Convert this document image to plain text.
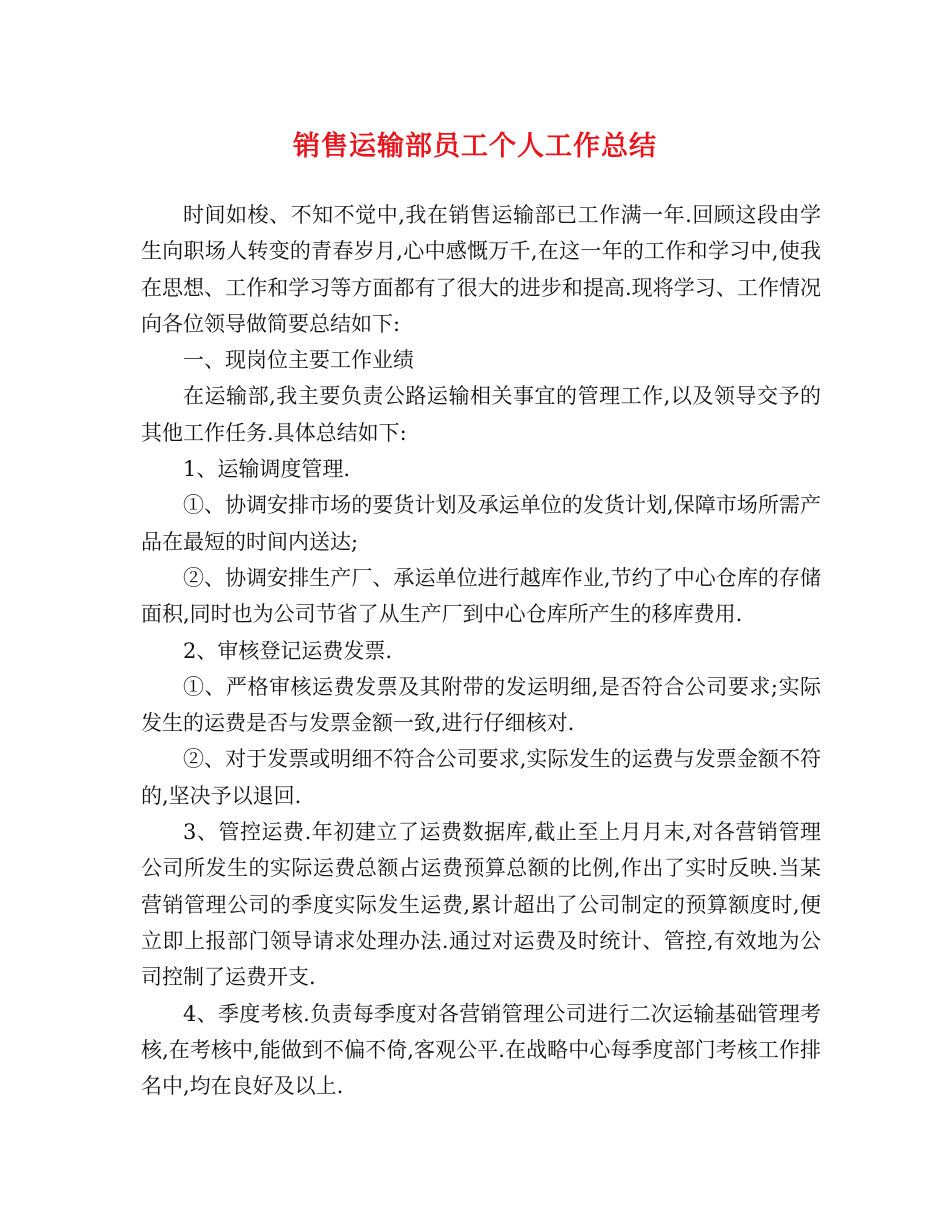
销售运输部员工个人工作总结

时间如梭、不知不觉中,我在销售运输部已工作满一年.回顾这段由学生向职场人转变的青春岁月,心中感慨万千,在这一年的工作和学习中,使我在思想、工作和学习等方面都有了很大的进步和提高.现将学习、工作情况向各位领导做简要总结如下:

一、现岗位主要工作业绩

在运输部,我主要负责公路运输相关事宜的管理工作,以及领导交予的其他工作任务.具体总结如下:

1、运输调度管理.

①、协调安排市场的要货计划及承运单位的发货计划,保障市场所需产品在最短的时间内送达;

②、协调安排生产厂、承运单位进行越库作业,节约了中心仓库的存储面积,同时也为公司节省了从生产厂到中心仓库所产生的移库费用.

2、审核登记运费发票.

①、严格审核运费发票及其附带的发运明细,是否符合公司要求;实际发生的运费是否与发票金额一致,进行仔细核对.

②、对于发票或明细不符合公司要求,实际发生的运费与发票金额不符的,坚决予以退回.

3、管控运费.年初建立了运费数据库,截止至上月月末,对各营销管理公司所发生的实际运费总额占运费预算总额的比例,作出了实时反映.当某营销管理公司的季度实际发生运费,累计超出了公司制定的预算额度时,便立即上报部门领导请求处理办法.通过对运费及时统计、管控,有效地为公司控制了运费开支.

4、季度考核.负责每季度对各营销管理公司进行二次运输基础管理考核,在考核中,能做到不偏不倚,客观公平.在战略中心每季度部门考核工作排名中,均在良好及以上.
